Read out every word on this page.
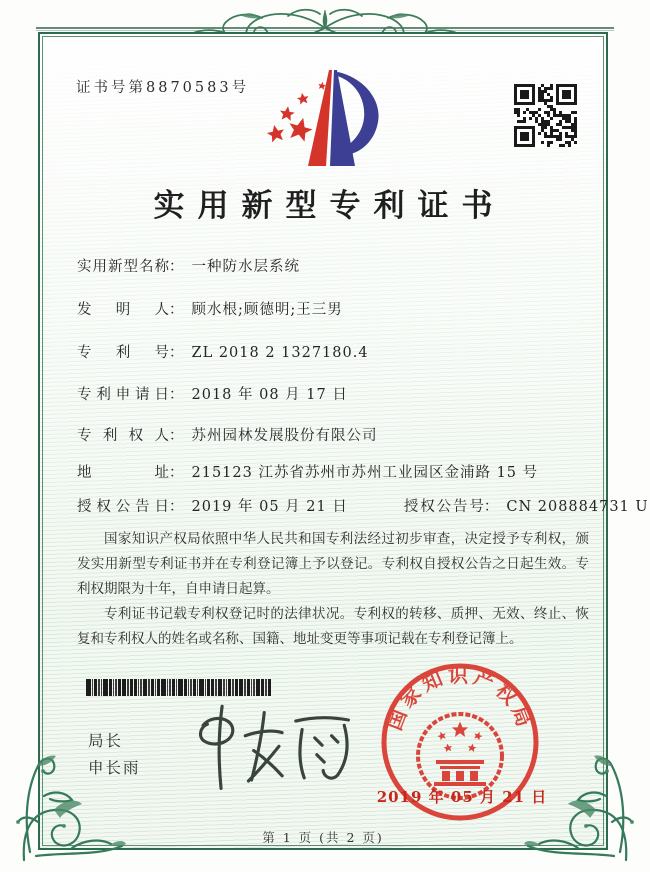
证书号第8870583号
实用新型专利证书
实用新型名称： 一种防水层系统
发明人： 顾水根;顾德明;王三男
专利号： ZL 2018 2 1327180.4
专利申请日： 2018 年 08 月 17 日
专利权人： 苏州园林发展股份有限公司
地址： 215123 江苏省苏州市苏州工业园区金浦路 15 号
授权公告日： 2019 年 05 月 21 日	授权公告号： CN 208884731 U

国家知识产权局依照中华人民共和国专利法经过初步审查，决定授予专利权，颁发实用新型专利证书并在专利登记簿上予以登记。专利权自授权公告之日起生效。专利权期限为十年，自申请日起算。

专利证书记载专利权登记时的法律状况。专利权的转移、质押、无效、终止、恢复和专利权人的姓名或名称、国籍、地址变更等事项记载在专利登记簿上。

局长
申长雨
国家知识产权局
2019 年 05 月 21 日
第 1 页 (共 2 页)
